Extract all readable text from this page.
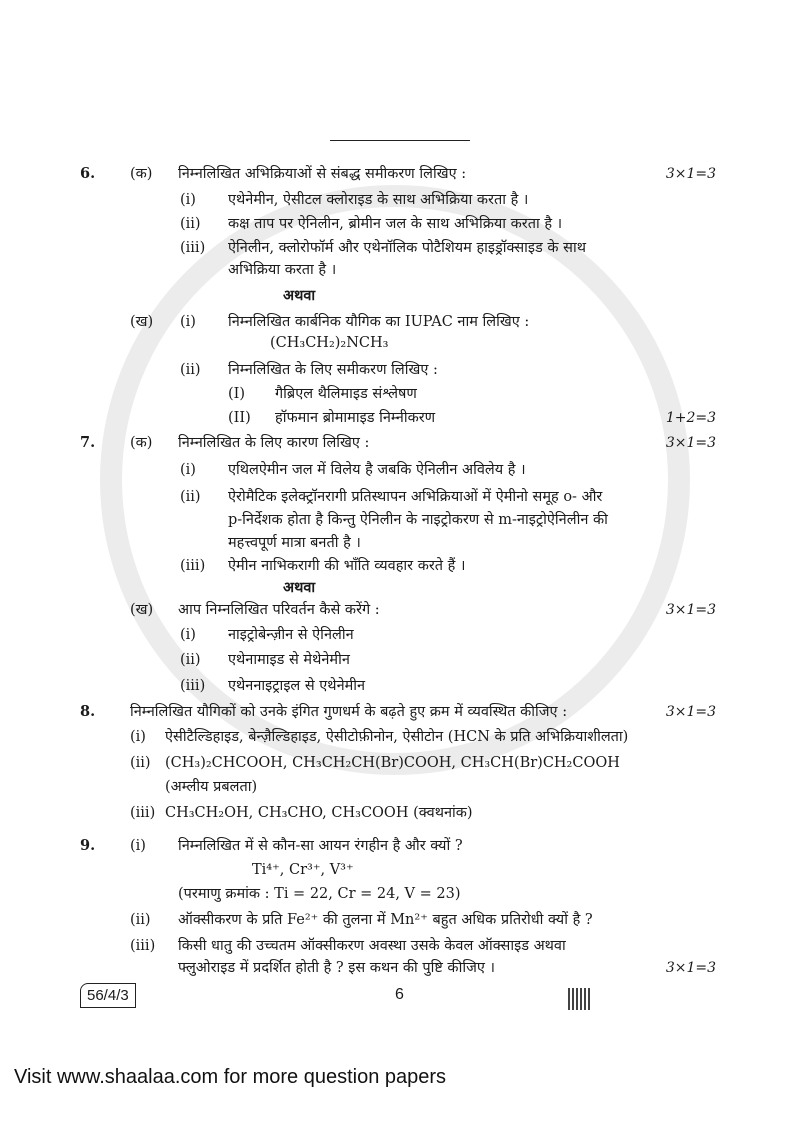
6. (क) निम्नलिखित अभिक्रियाओं से संबद्ध समीकरण लिखिए :	3×1=3
(i) एथेनेमीन, ऐसीटल क्लोराइड के साथ अभिक्रिया करता है ।
(ii) कक्ष ताप पर ऐनिलीन, ब्रोमीन जल के साथ अभिक्रिया करता है ।
(iii) ऐनिलीन, क्लोरोफॉर्म और एथेनॉलिक पोटैशियम हाइड्रॉक्साइड के साथ
अभिक्रिया करता है ।
अथवा
(ख) (i) निम्नलिखित कार्बनिक यौगिक का IUPAC नाम लिखिए :
(CH₃CH₂)₂NCH₃
(ii) निम्नलिखित के लिए समीकरण लिखिए :
(I) गैब्रिएल थैलिमाइड संश्लेषण
(II) हॉफमान ब्रोमामाइड निम्नीकरण	1+2=3
7. (क) निम्नलिखित के लिए कारण लिखिए :	3×1=3
(i) एथिलऐमीन जल में विलेय है जबकि ऐनिलीन अविलेय है ।
(ii) ऐरोमैटिक इलेक्ट्रॉनरागी प्रतिस्थापन अभिक्रियाओं में ऐमीनो समूह o- और
p-निर्देशक होता है किन्तु ऐनिलीन के नाइट्रोकरण से m-नाइट्रोऐनिलीन की
महत्त्वपूर्ण मात्रा बनती है ।
(iii) ऐमीन नाभिकरागी की भाँति व्यवहार करते हैं ।
अथवा
(ख) आप निम्नलिखित परिवर्तन कैसे करेंगे :	3×1=3
(i) नाइट्रोबेन्ज़ीन से ऐनिलीन
(ii) एथेनामाइड से मेथेनेमीन
(iii) एथेननाइट्राइल से एथेनेमीन
8. निम्नलिखित यौगिकों को उनके इंगित गुणधर्म के बढ़ते हुए क्रम में व्यवस्थित कीजिए :	3×1=3
(i) ऐसीटैल्डिहाइड, बेन्ज़ैल्डिहाइड, ऐसीटोफ़ीनोन, ऐसीटोन (HCN के प्रति अभिक्रियाशीलता)
(ii) (CH₃)₂CHCOOH, CH₃CH₂CH(Br)COOH, CH₃CH(Br)CH₂COOH
(अम्लीय प्रबलता)
(iii) CH₃CH₂OH, CH₃CHO, CH₃COOH (क्वथनांक)
9. (i) निम्नलिखित में से कौन-सा आयन रंगहीन है और क्यों ?
Ti⁴⁺, Cr³⁺, V³⁺
(परमाणु क्रमांक : Ti = 22, Cr = 24, V = 23)
(ii) ऑक्सीकरण के प्रति Fe²⁺ की तुलना में Mn²⁺ बहुत अधिक प्रतिरोधी क्यों है ?
(iii) किसी धातु की उच्चतम ऑक्सीकरण अवस्था उसके केवल ऑक्साइड अथवा
फ्लुओराइड में प्रदर्शित होती है ? इस कथन की पुष्टि कीजिए ।	3×1=3
56/4/3	6
Visit www.shaalaa.com for more question papers
